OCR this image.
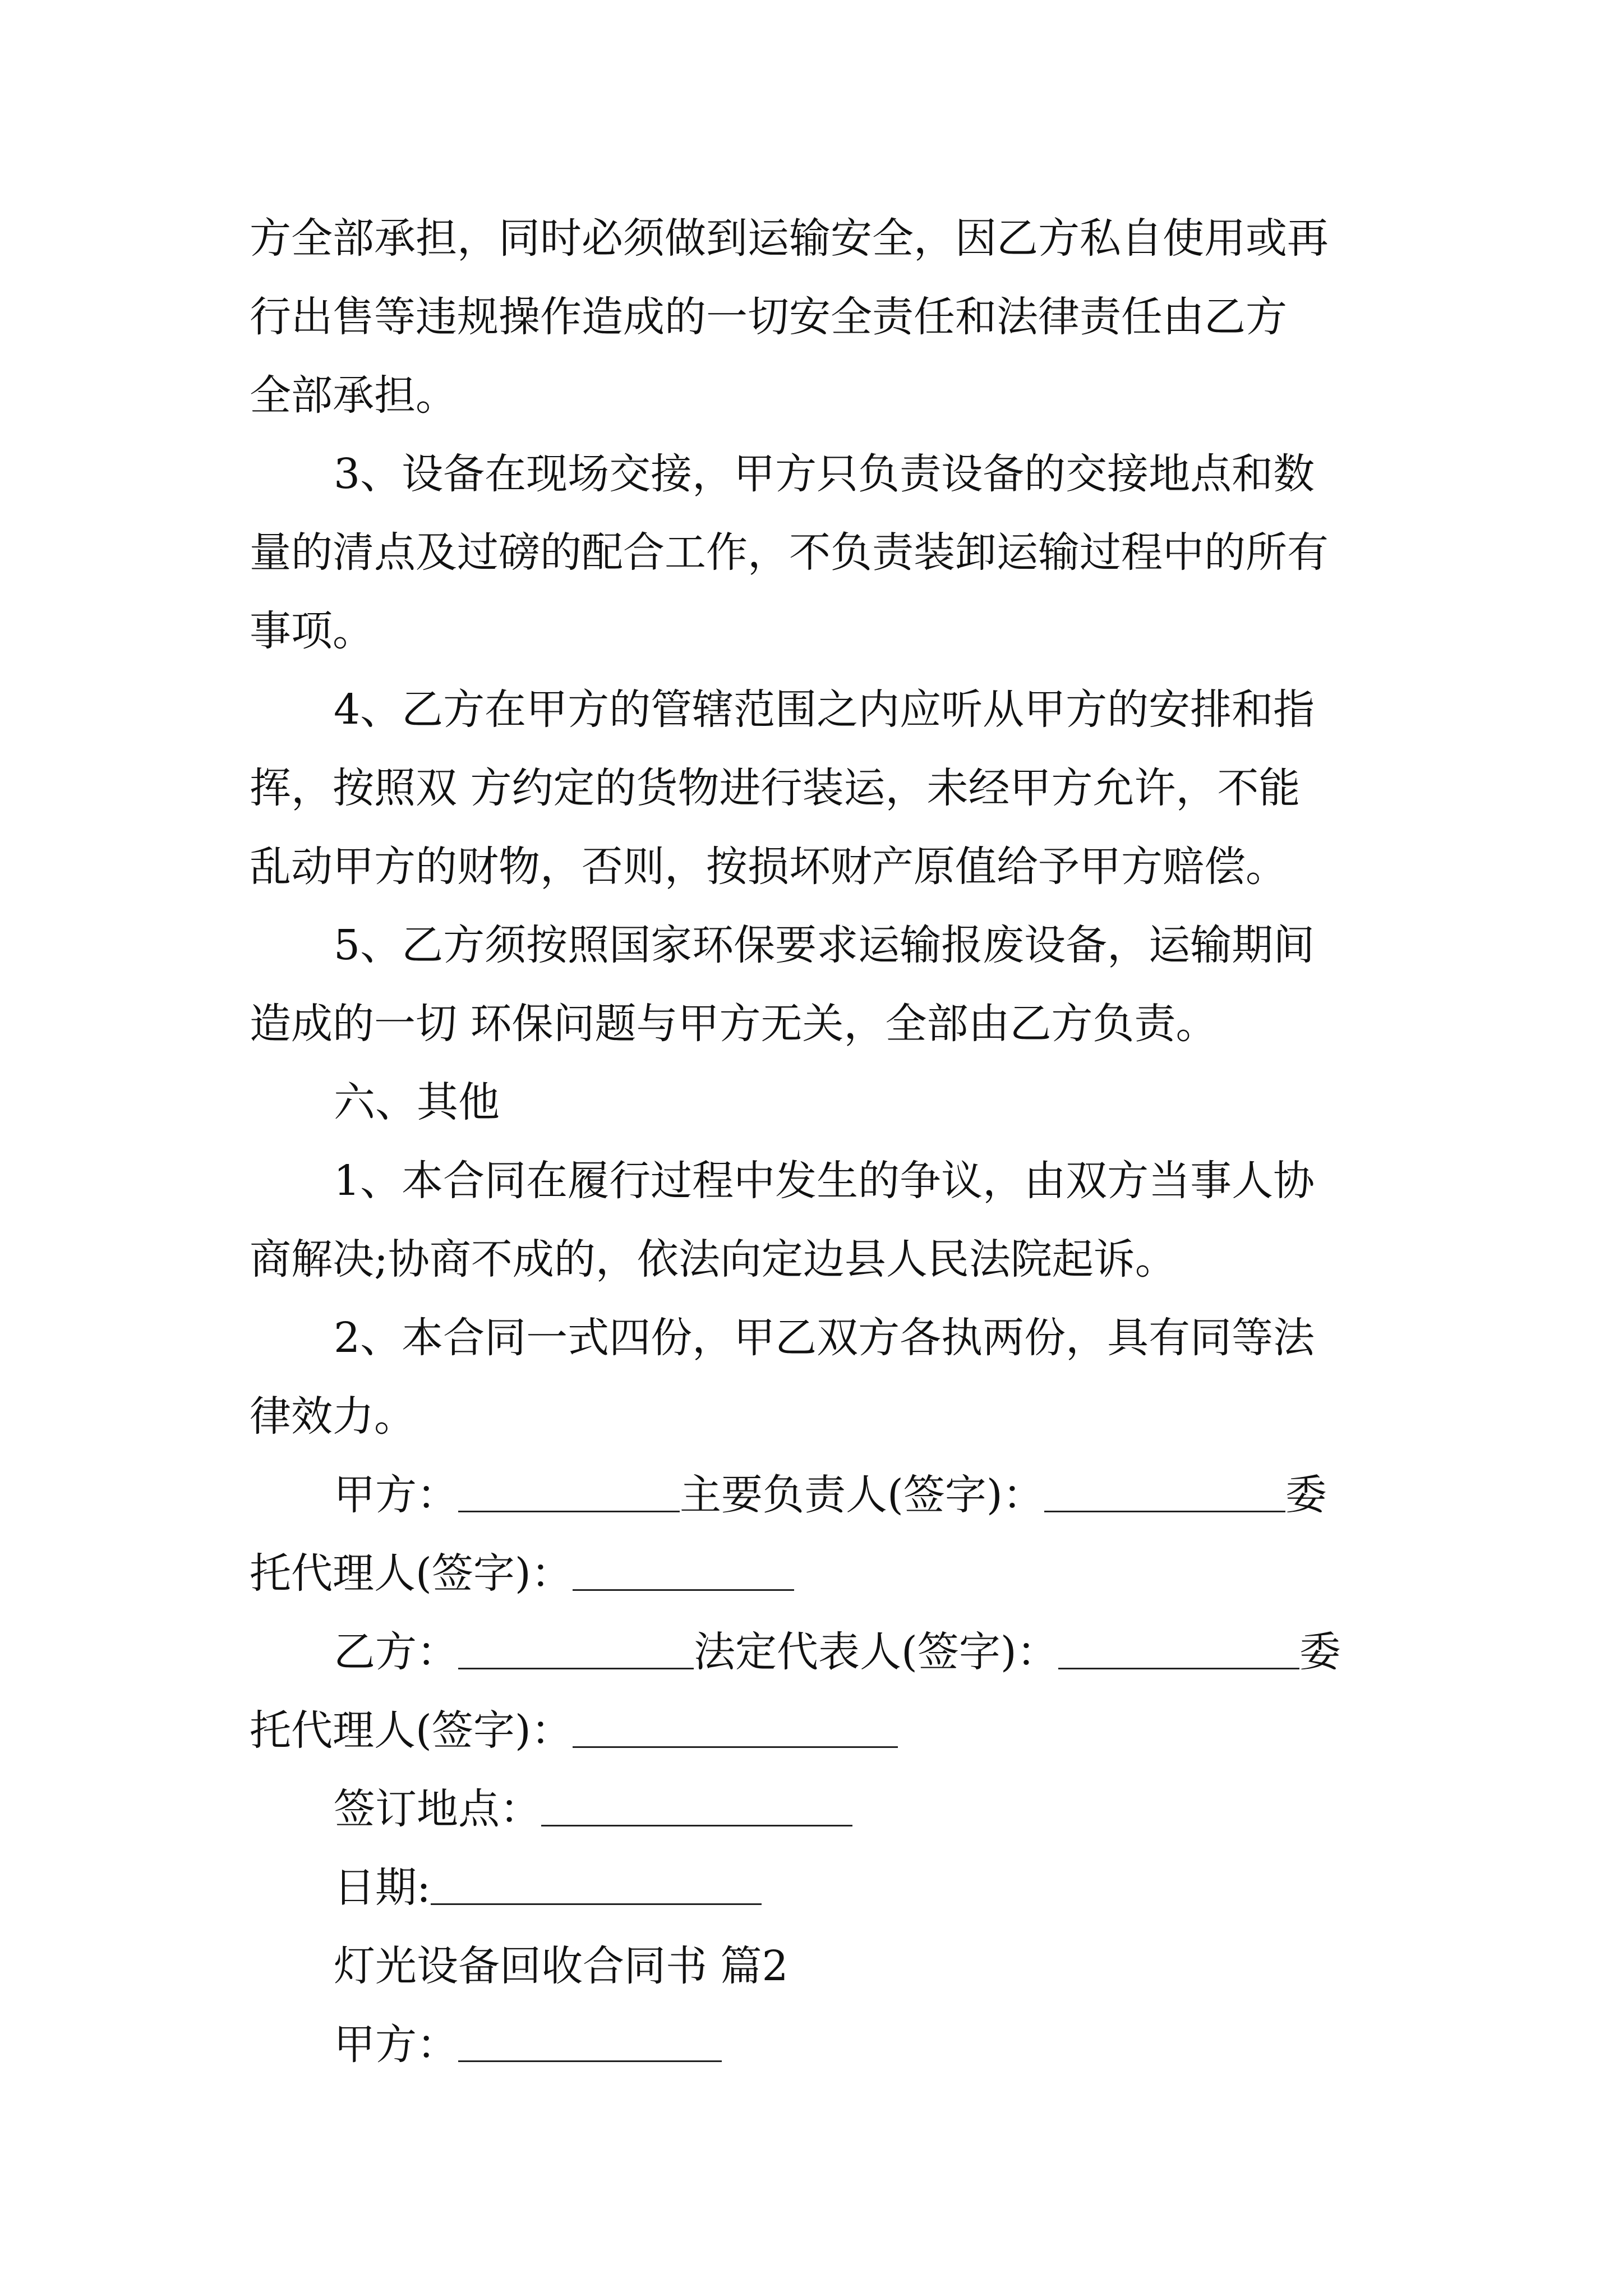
方全部承担，同时必须做到运输安全，因乙方私自使用或再
行出售等违规操作造成的一切安全责任和法律责任由乙方
全部承担。
3、设备在现场交接，甲方只负责设备的交接地点和数
量的清点及过磅的配合工作，不负责装卸运输过程中的所有
事项。
4、乙方在甲方的管辖范围之内应听从甲方的安排和指
挥，按照双 方约定的货物进行装运，未经甲方允许，不能
乱动甲方的财物，否则，按损坏财产原值给予甲方赔偿。
5、乙方须按照国家环保要求运输报废设备，运输期间
造成的一切 环保问题与甲方无关，全部由乙方负责。
六、其他
1、本合同在履行过程中发生的争议，由双方当事人协
商解决;协商不成的，依法向定边县人民法院起诉。
2、本合同一式四份，甲乙双方各执两份，具有同等法
律效力。
甲方：	主要负责人(签字)：	委
托代理人(签字)：
乙方：	法定代表人(签字)：	委
托代理人(签字)：
签订地点：
日期:
灯光设备回收合同书 篇2
甲方：
